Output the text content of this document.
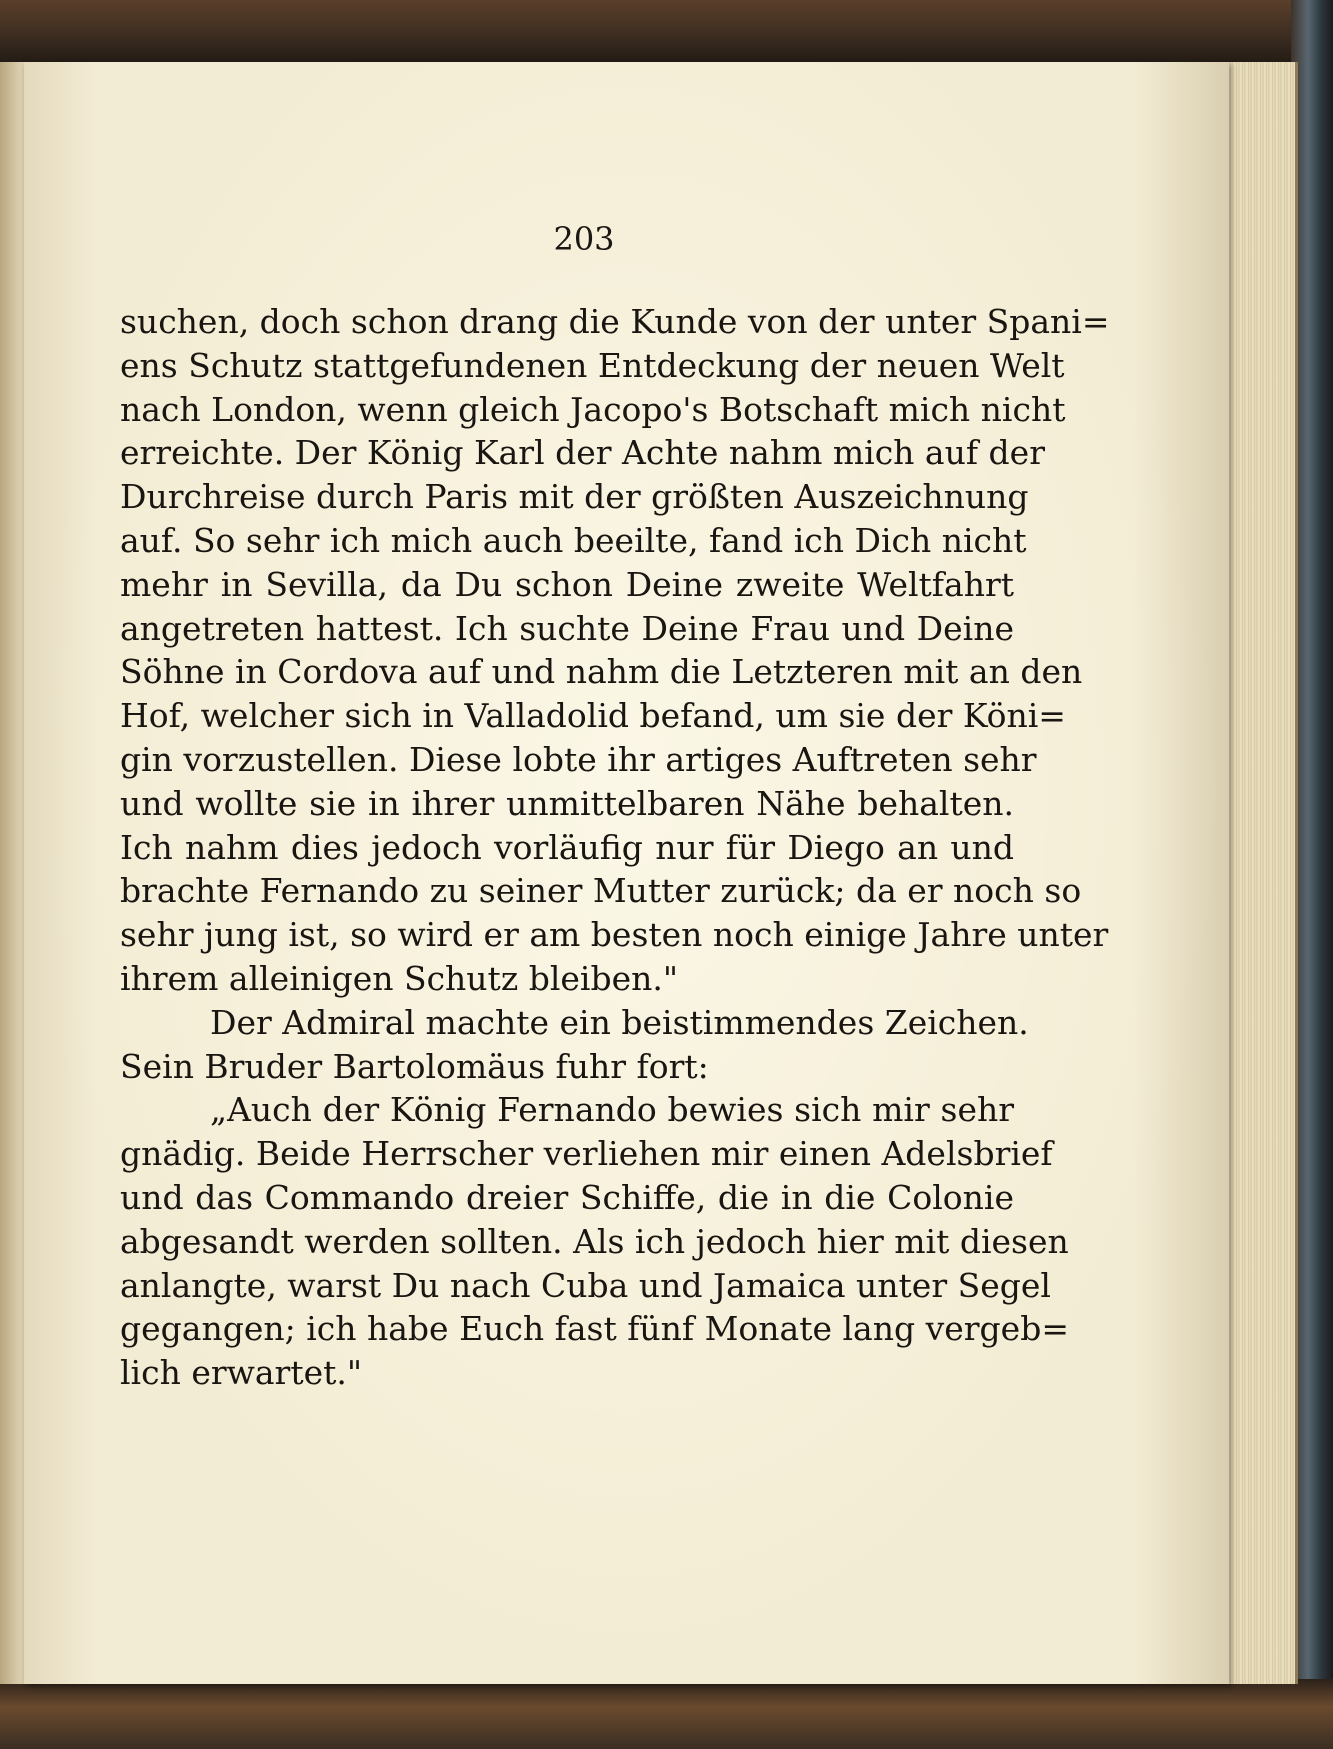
203
suchen, doch schon drang die Kunde von der unter Spani=
ens Schutz stattgefundenen Entdeckung der neuen Welt
nach London, wenn gleich Jacopo's Botschaft mich nicht
erreichte. Der König Karl der Achte nahm mich auf der
Durchreise durch Paris mit der größten Auszeichnung
auf. So sehr ich mich auch beeilte, fand ich Dich nicht
mehr in Sevilla, da Du schon Deine zweite Weltfahrt
angetreten hattest. Ich suchte Deine Frau und Deine
Söhne in Cordova auf und nahm die Letzteren mit an den
Hof, welcher sich in Valladolid befand, um sie der Köni=
gin vorzustellen. Diese lobte ihr artiges Auftreten sehr
und wollte sie in ihrer unmittelbaren Nähe behalten.
Ich nahm dies jedoch vorläufig nur für Diego an und
brachte Fernando zu seiner Mutter zurück; da er noch so
sehr jung ist, so wird er am besten noch einige Jahre unter
ihrem alleinigen Schutz bleiben."
Der Admiral machte ein beistimmendes Zeichen.
Sein Bruder Bartolomäus fuhr fort:
„Auch der König Fernando bewies sich mir sehr
gnädig. Beide Herrscher verliehen mir einen Adelsbrief
und das Commando dreier Schiffe, die in die Colonie
abgesandt werden sollten. Als ich jedoch hier mit diesen
anlangte, warst Du nach Cuba und Jamaica unter Segel
gegangen; ich habe Euch fast fünf Monate lang vergeb=
lich erwartet."
